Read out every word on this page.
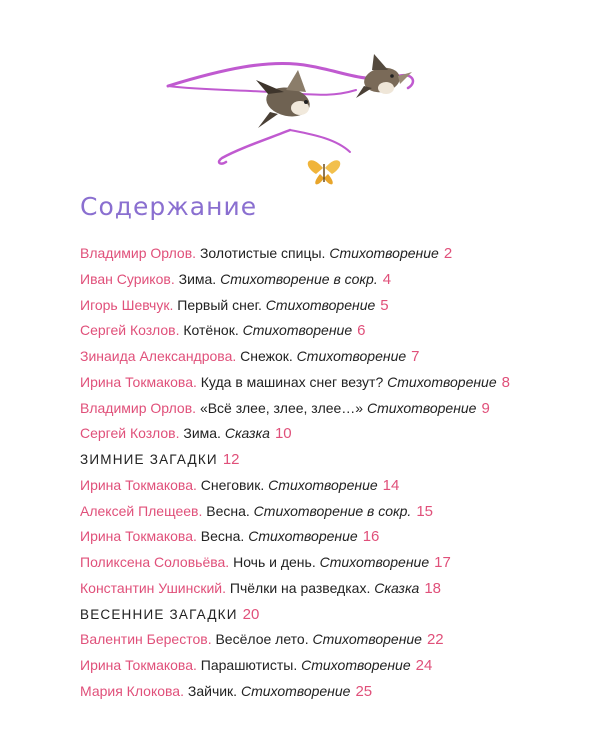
Содержание
Владимир Орлов. Золотистые спицы. Стихотворение 2
Иван Суриков. Зима. Стихотворение в сокр. 4
Игорь Шевчук. Первый снег. Стихотворение 5
Сергей Козлов. Котёнок. Стихотворение 6
Зинаида Александрова. Снежок. Стихотворение 7
Ирина Токмакова. Куда в машинах снег везут? Стихотворение 8
Владимир Орлов. «Всё злее, злее, злее…» Стихотворение 9
Сергей Козлов. Зима. Сказка 10
ЗИМНИЕ ЗАГАДКИ 12
Ирина Токмакова. Снеговик. Стихотворение 14
Алексей Плещеев. Весна. Стихотворение в сокр. 15
Ирина Токмакова. Весна. Стихотворение 16
Поликсена Соловьёва. Ночь и день. Стихотворение 17
Константин Ушинский. Пчёлки на разведках. Сказка 18
ВЕСЕННИЕ ЗАГАДКИ 20
Валентин Берестов. Весёлое лето. Стихотворение 22
Ирина Токмакова. Парашютисты. Стихотворение 24
Мария Клокова. Зайчик. Стихотворение 25
